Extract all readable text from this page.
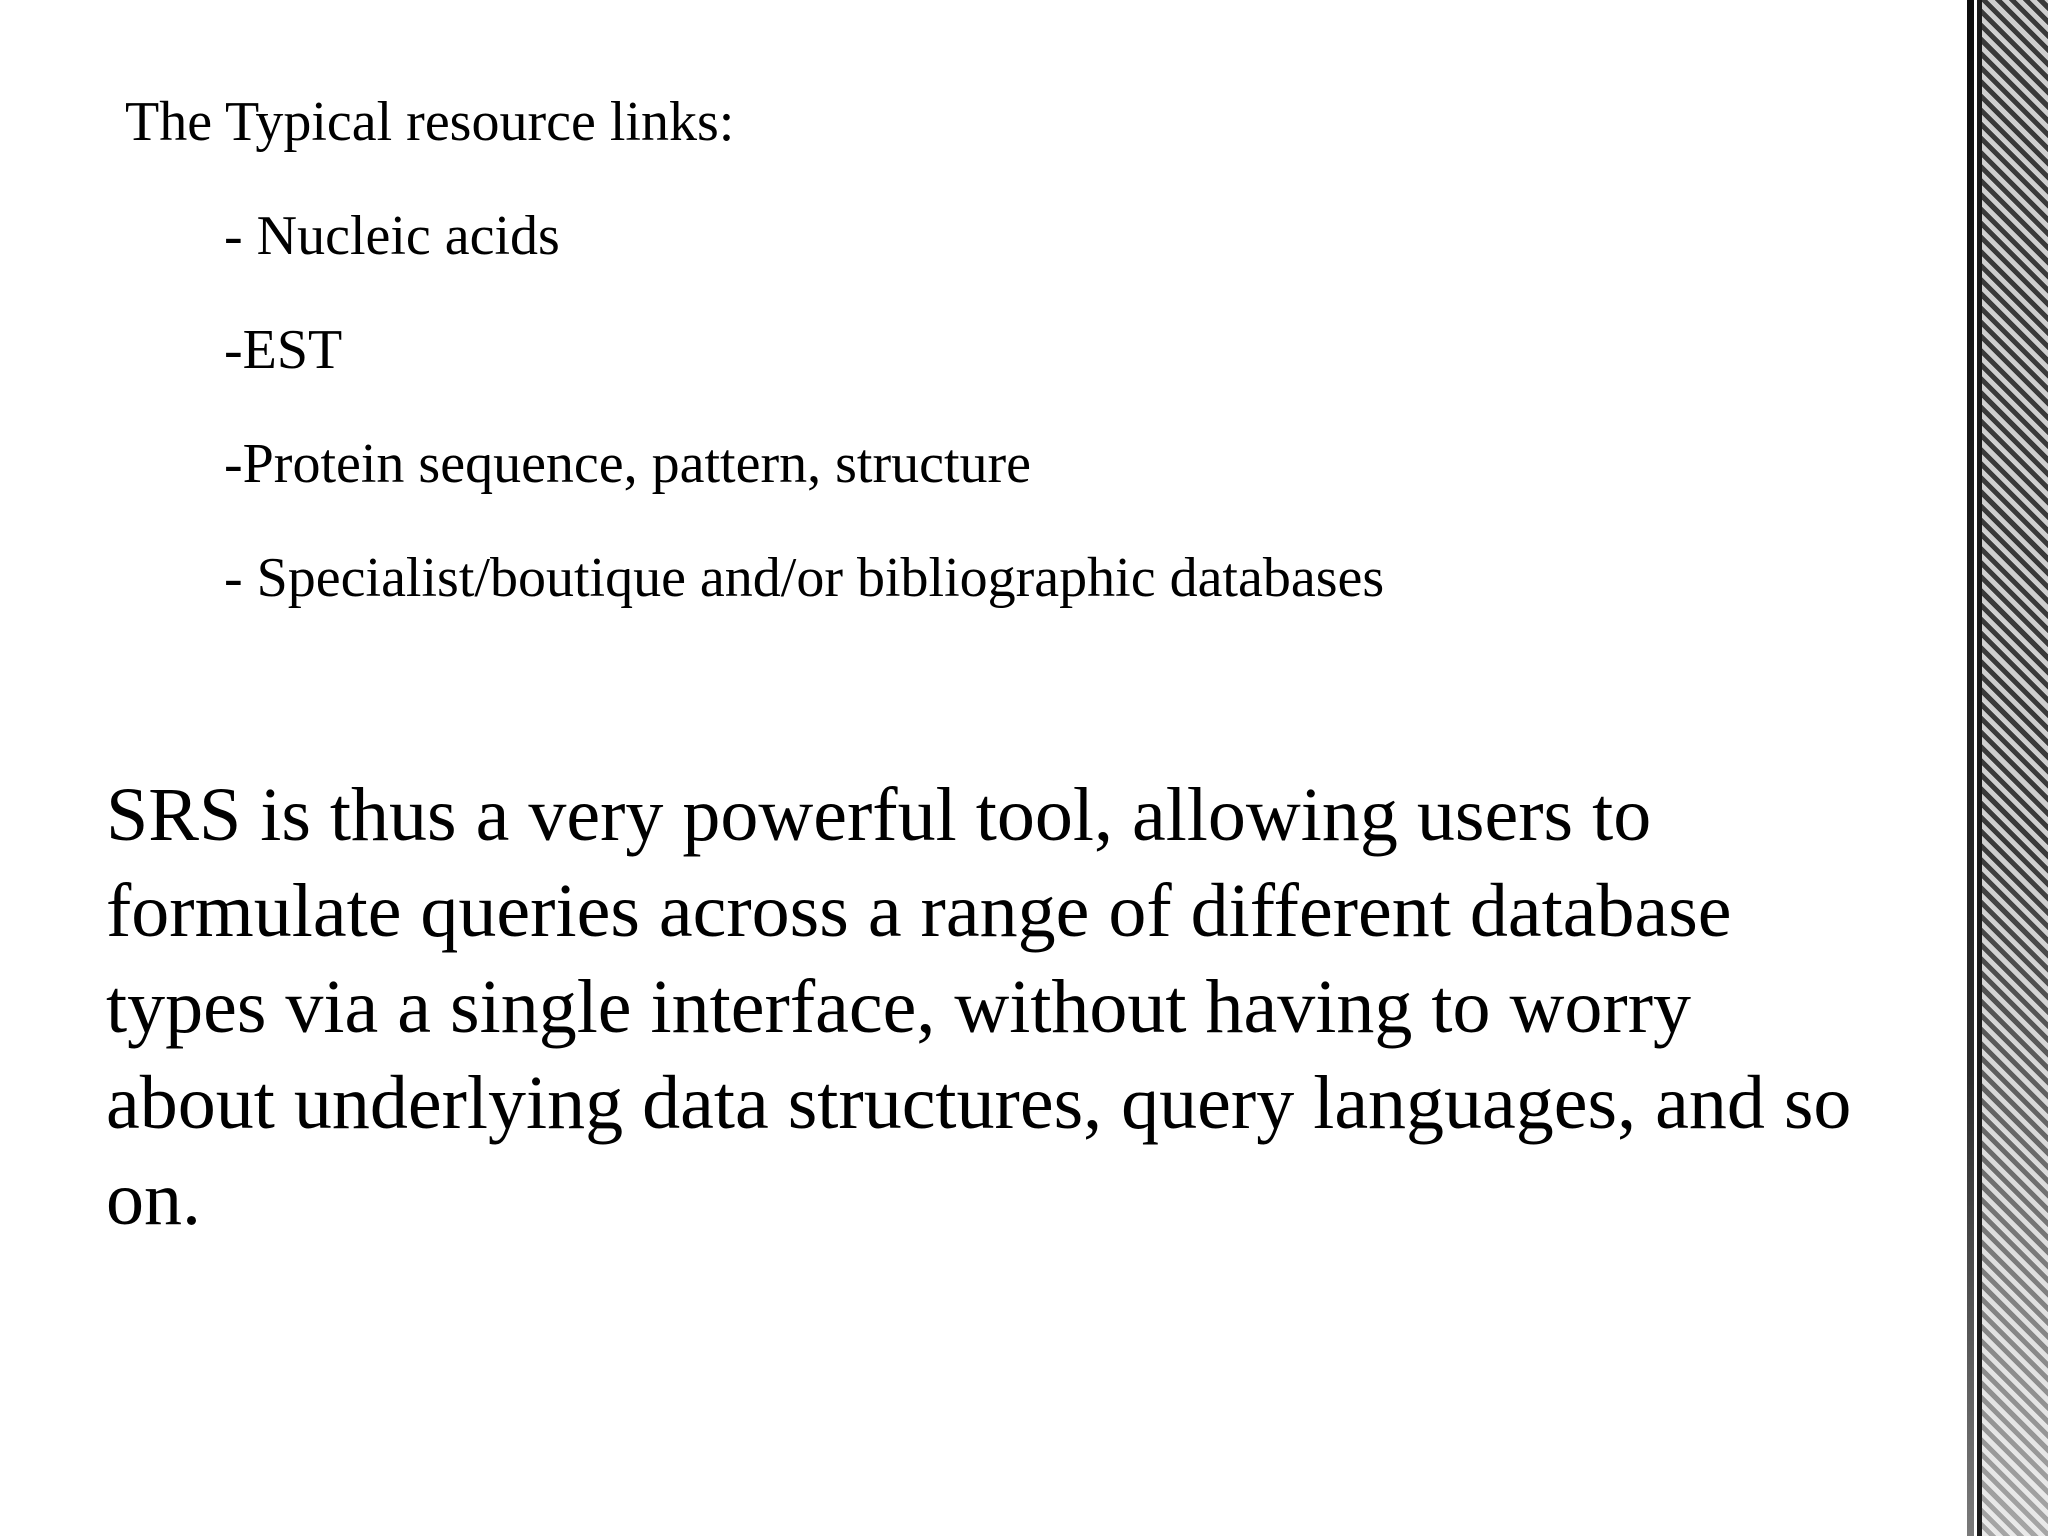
The Typical resource links:

- Nucleic acids
-EST
-Protein sequence, pattern, structure
- Specialist/boutique and/or bibliographic databases

SRS is thus a very powerful tool, allowing users to
formulate queries across a range of different database
types via a single interface, without having to worry
about underlying data structures, query languages, and so
on.
